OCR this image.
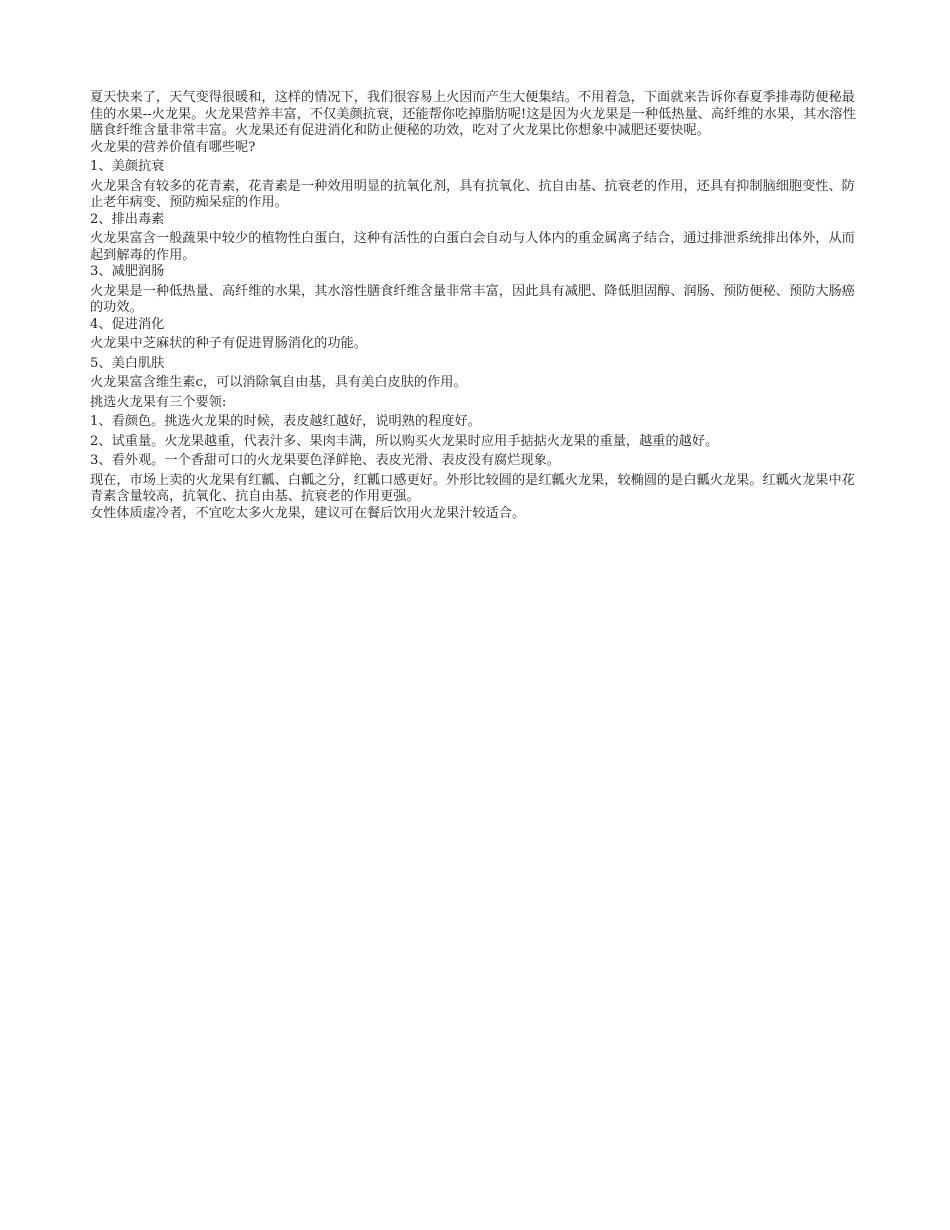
夏天快来了，天气变得很暖和，这样的情况下，我们很容易上火因而产生大便集结。不用着急，下面就来告诉你春夏季排毒防便秘最佳的水果--火龙果。火龙果营养丰富，不仅美颜抗衰，还能帮你吃掉脂肪呢!这是因为火龙果是一种低热量、高纤维的水果，其水溶性膳食纤维含量非常丰富。火龙果还有促进消化和防止便秘的功效，吃对了火龙果比你想象中减肥还要快呢。

火龙果的营养价值有哪些呢?

1、美颜抗衰

火龙果含有较多的花青素，花青素是一种效用明显的抗氧化剂，具有抗氧化、抗自由基、抗衰老的作用，还具有抑制脑细胞变性、防止老年病变、预防痴呆症的作用。

2、排出毒素

火龙果富含一般蔬果中较少的植物性白蛋白，这种有活性的白蛋白会自动与人体内的重金属离子结合，通过排泄系统排出体外，从而起到解毒的作用。

3、减肥润肠

火龙果是一种低热量、高纤维的水果，其水溶性膳食纤维含量非常丰富，因此具有减肥、降低胆固醇、润肠、预防便秘、预防大肠癌的功效。

4、促进消化

火龙果中芝麻状的种子有促进胃肠消化的功能。

5、美白肌肤

火龙果富含维生素c，可以消除氧自由基，具有美白皮肤的作用。

挑选火龙果有三个要领:

1、看颜色。挑选火龙果的时候，表皮越红越好，说明熟的程度好。

2、试重量。火龙果越重，代表汁多、果肉丰满，所以购买火龙果时应用手掂掂火龙果的重量，越重的越好。

3、看外观。一个香甜可口的火龙果要色泽鲜艳、表皮光滑、表皮没有腐烂现象。

现在，市场上卖的火龙果有红瓤、白瓤之分，红瓤口感更好。外形比较圆的是红瓤火龙果，较椭圆的是白瓤火龙果。红瓤火龙果中花青素含量较高，抗氧化、抗自由基、抗衰老的作用更强。

女性体质虚冷者，不宜吃太多火龙果，建议可在餐后饮用火龙果汁较适合。
